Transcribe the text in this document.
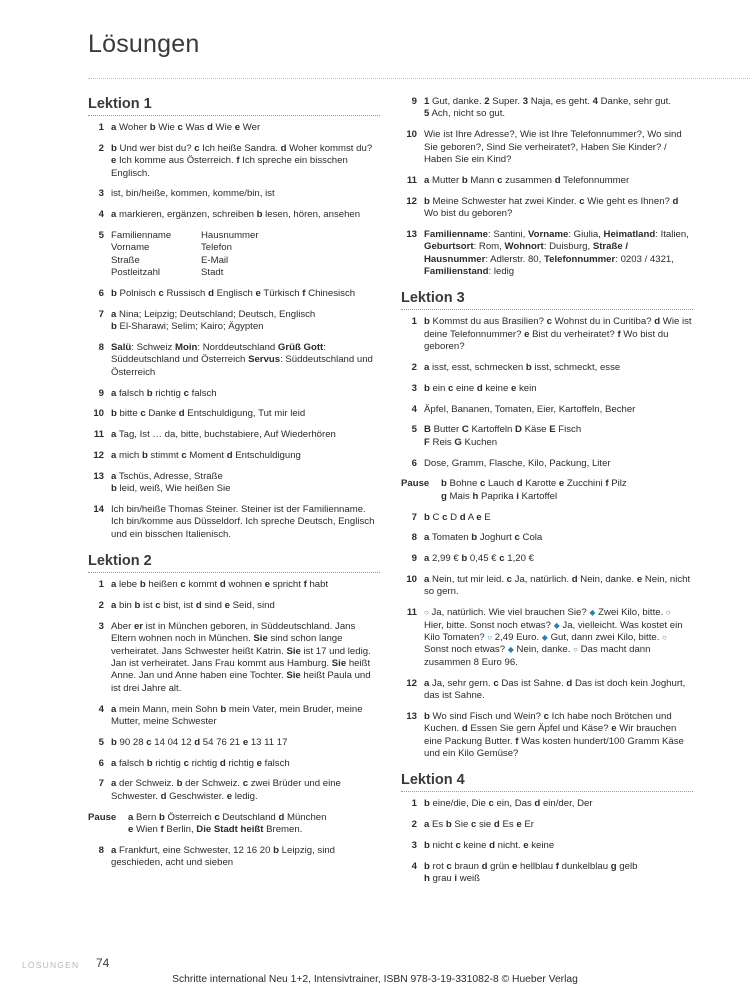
Lösungen
Lektion 1
1 a Woher b Wie c Was d Wie e Wer
2 b Und wer bist du? c Ich heiße Sandra. d Woher kommst du? e Ich komme aus Österreich. f Ich spreche ein bisschen Englisch.
3 ist, bin/heiße, kommen, komme/bin, ist
4 a markieren, ergänzen, schreiben b lesen, hören, ansehen
5 Familienname	Hausnummer
Vorname	Telefon
Straße	E-Mail
Postleitzahl	Stadt
6 b Polnisch c Russisch d Englisch e Türkisch f Chinesisch
7 a Nina; Leipzig; Deutschland; Deutsch, Englisch
b El-Sharawi; Selim; Kairo; Ägypten
8 Salü: Schweiz Moin: Norddeutschland Grüß Gott: Süddeutschland und Österreich Servus: Süddeutschland und Österreich
9 a falsch b richtig c falsch
10 b bitte c Danke d Entschuldigung, Tut mir leid
11 a Tag, Ist … da, bitte, buchstabiere, Auf Wiederhören
12 a mich b stimmt c Moment d Entschuldigung
13 a Tschüs, Adresse, Straße
b leid, weiß, Wie heißen Sie
14 Ich bin/heiße Thomas Steiner. Steiner ist der Familienname. Ich bin/komme aus Düsseldorf. Ich spreche Deutsch, Englisch und ein bisschen Italienisch.
Lektion 2
1 a lebe b heißen c kommt d wohnen e spricht f habt
2 a bin b ist c bist, ist d sind e Seid, sind
3 Aber er ist in München geboren, in Süddeutschland. Jans Eltern wohnen noch in München. Sie sind schon lange verheiratet. Jans Schwester heißt Katrin. Sie ist 17 und ledig. Jan ist verheiratet. Jans Frau kommt aus Hamburg. Sie heißt Anne. Jan und Anne haben eine Tochter. Sie heißt Paula und ist drei Jahre alt.
4 a mein Mann, mein Sohn b mein Vater, mein Bruder, meine Mutter, meine Schwester
5 b 90 28 c 14 04 12 d 54 76 21 e 13 11 17
6 a falsch b richtig c richtig d richtig e falsch
7 a der Schweiz. b der Schweiz. c zwei Brüder und eine Schwester. d Geschwister. e ledig.
Pause	a Bern b Österreich c Deutschland d München
e Wien f Berlin, Die Stadt heißt Bremen.
8 a Frankfurt, eine Schwester, 12 16 20 b Leipzig, sind geschieden, acht und sieben
9 1 Gut, danke. 2 Super. 3 Naja, es geht. 4 Danke, sehr gut.
5 Ach, nicht so gut.
10 Wie ist Ihre Adresse?, Wie ist Ihre Telefonnummer?, Wo sind Sie geboren?, Sind Sie verheiratet?, Haben Sie Kinder? / Haben Sie ein Kind?
11 a Mutter b Mann c zusammen d Telefonnummer
12 b Meine Schwester hat zwei Kinder. c Wie geht es Ihnen? d Wo bist du geboren?
13 Familienname: Santini, Vorname: Giulia, Heimatland: Italien, Geburtsort: Rom, Wohnort: Duisburg, Straße / Hausnummer: Adlerstr. 80, Telefonnummer: 0203 / 4321, Familienstand: ledig
Lektion 3
1 b Kommst du aus Brasilien? c Wohnst du in Curitiba? d Wie ist deine Telefonnummer? e Bist du verheiratet? f Wo bist du geboren?
2 a isst, esst, schmecken b isst, schmeckt, esse
3 b ein c eine d keine e kein
4 Äpfel, Bananen, Tomaten, Eier, Kartoffeln, Becher
5 B Butter C Kartoffeln D Käse E Fisch
F Reis G Kuchen
6 Dose, Gramm, Flasche, Kilo, Packung, Liter
Pause	b Bohne c Lauch d Karotte e Zucchini f Pilz
g Mais h Paprika i Kartoffel
7 b C c D d A e E
8 a Tomaten b Joghurt c Cola
9 a 2,99 € b 0,45 € c 1,20 €
10 a Nein, tut mir leid. c Ja, natürlich. d Nein, danke. e Nein, nicht so gern.
11 ○ Ja, natürlich. Wie viel brauchen Sie? ◆ Zwei Kilo, bitte. ○ Hier, bitte. Sonst noch etwas? ◆ Ja, vielleicht. Was kostet ein Kilo Tomaten? ○ 2,49 Euro. ◆ Gut, dann zwei Kilo, bitte. ○ Sonst noch etwas? ◆ Nein, danke. ○ Das macht dann zusammen 8 Euro 96.
12 a Ja, sehr gern. c Das ist Sahne. d Das ist doch kein Joghurt, das ist Sahne.
13 b Wo sind Fisch und Wein? c Ich habe noch Brötchen und Kuchen. d Essen Sie gern Äpfel und Käse? e Wir brauchen eine Packung Butter. f Was kosten hundert/100 Gramm Käse und ein Kilo Gemüse?
Lektion 4
1 b eine/die, Die c ein, Das d ein/der, Der
2 a Es b Sie c sie d Es e Er
3 b nicht c keine d nicht. e keine
4 b rot c braun d grün e hellblau f dunkelblau g gelb
h grau i weiß
LÖSUNGEN 74
Schritte international Neu 1+2, Intensivtrainer, ISBN 978-3-19-331082-8 © Hueber Verlag
